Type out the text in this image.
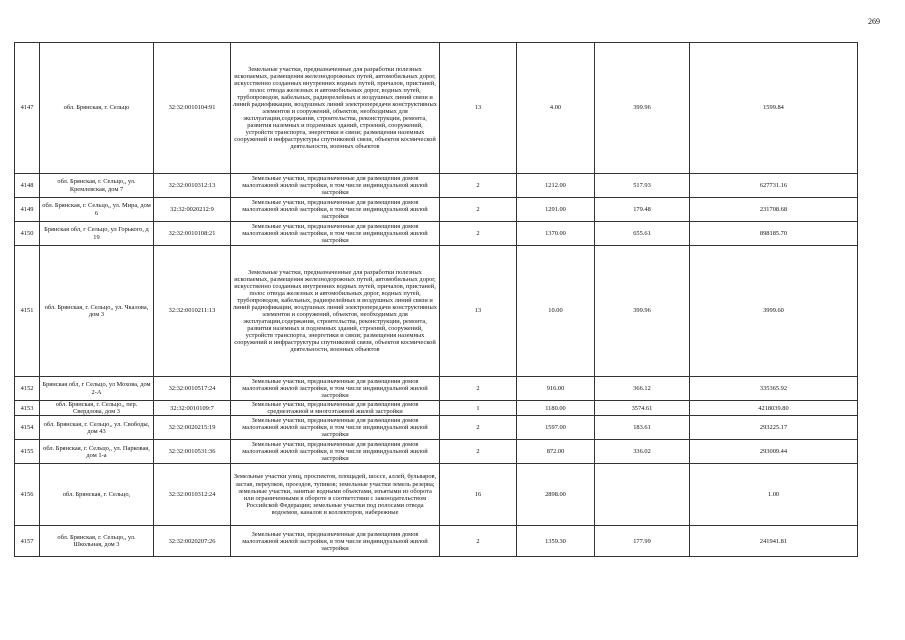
269
4147	обл. Брянская, г. Сельцо	32:32:0010104:91	Земельные участки, предназначенные для разработки полезных ископаемых, размещения железнодорожных путей, автомобильных дорог, искусственно созданных внутренних водных путей, причалов, пристаней, полос отвода железных и автомобильных дорог, водных путей, трубопроводов, кабельных, радиорелейных и воздушных линий связи и линий радиофикации, воздушных линий электропередачи конструктивных элементов и сооружений, объектов, необходимых для эксплуатации,содержания, строительства, реконструкции, ремонта, развития наземных и подземных зданий, строений, сооружений, устройств транспорта, энергетики и связи; размещения наземных сооружений и инфраструктуры спутниковой связи, объектов космической деятельности, военных объектов	13	4.00	399.96	1599.84
4148	обл. Брянская, г. Сельцо,, ул. Кремлевская, дом 7	32:32:0010312:13	Земельные участки, предназначенные для размещения домов малоэтажной жилой застройки, в том числе индивидуальной жилой застройки	2	1212.00	517.93	627731.16
4149	обл. Брянская, г. Сельцо,, ул. Мира, дом 6	32:32:0020212:9	Земельные участки, предназначенные для размещения домов малоэтажной жилой застройки, в том числе индивидуальной жилой застройки	2	1291.00	179.48	231708.68
4150	Брянская обл, г Сельцо, ул Горького, д 19	32:32:0010108:21	Земельные участки, предназначенные для размещения домов малоэтажной жилой застройки, в том числе индивидуальной жилой застройки	2	1370.00	655.61	898185.70
4151	обл. Брянская, г. Сельцо,, ул. Чкалова, дом 3	32:32:0010211:13	Земельные участки, предназначенные для разработки полезных ископаемых, размещения железнодорожных путей, автомобильных дорог, искусственно созданных внутренних водных путей, причалов, пристаней, полос отвода железных и автомобильных дорог, водных путей, трубопроводов, кабельных, радиорелейных и воздушных линий связи и линий радиофикации, воздушных линий электропередачи конструктивных элементов и сооружений, объектов, необходимых для эксплуатации,содержания, строительства, реконструкции, ремонта, развития наземных и подземных зданий, строений, сооружений, устройств транспорта, энергетики и связи; размещения наземных сооружений и инфраструктуры спутниковой связи, объектов космической деятельности, военных объектов	13	10.00	399.96	3999.60
4152	Брянская обл, г Сельцо, ул Мохова, дом 2-А	32:32:0010517:24	Земельные участки, предназначенные для размещения домов малоэтажной жилой застройки, в том числе индивидуальной жилой застройки	2	916.00	366.12	335365.92
4153	обл. Брянская, г. Сельцо,, пер. Свердлова, дом 3	32:32:0010109:7	Земельные участки, предназначенные для размещения домов среднеэтажной и многоэтажной жилой застройки	1	1180.00	3574.61	4218039.80
4154	обл. Брянская, г. Сельцо,, ул. Свободы, дом 43	32:32:0020215:19	Земельные участки, предназначенные для размещения домов малоэтажной жилой застройки, в том числе индивидуальной жилой застройки	2	1597.00	183.61	293225.17
4155	обл. Брянская, г. Сельцо,, ул. Парковая, дом 1-а	32:32:0010531:36	Земельные участки, предназначенные для размещения домов малоэтажной жилой застройки, в том числе индивидуальной жилой застройки	2	872.00	336.02	293009.44
4156	обл. Брянская, г. Сельцо,	32:32:0010312:24	Земельные участки улиц, проспектов, площадей, шоссе, аллей, бульваров, застав, переулков, проездов, тупиков; земельные участки земель резерва; земельные участки, занятые водными объектами, изъятыми из оборота или ограниченными в обороте в соответствии с законодательством Российской Федерации; земельные участки под полосами отвода водоемов, каналов и коллекторов, набережные	16	2898.00		1.00
4157	обл. Брянская, г. Сельцо,, ул. Школьная, дом 3	32:32:0020207:26	Земельные участки, предназначенные для размещения домов малоэтажной жилой застройки, в том числе индивидуальной жилой застройки	2	1359.30	177.99	241941.81
